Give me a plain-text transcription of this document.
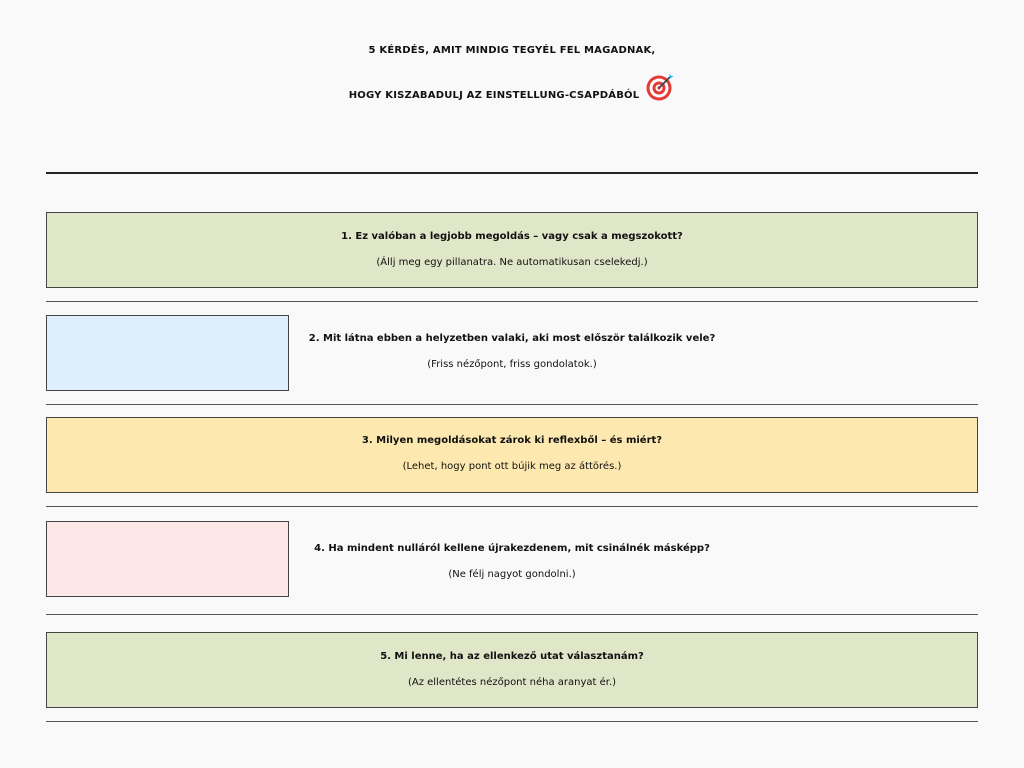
5 KÉRDÉS, AMIT MINDIG TEGYÉL FEL MAGADNAK,
HOGY KISZABADULJ AZ EINSTELLUNG-CSAPDÁBÓL
1. Ez valóban a legjobb megoldás – vagy csak a megszokott?
(Állj meg egy pillanatra. Ne automatikusan cselekedj.)
2. Mit látna ebben a helyzetben valaki, aki most először találkozik vele?
(Friss nézőpont, friss gondolatok.)
3. Milyen megoldásokat zárok ki reflexből – és miért?
(Lehet, hogy pont ott bújik meg az áttörés.)
4. Ha mindent nulláról kellene újrakezdenem, mit csinálnék másképp?
(Ne félj nagyot gondolni.)
5. Mi lenne, ha az ellenkező utat választanám?
(Az ellentétes nézőpont néha aranyat ér.)
